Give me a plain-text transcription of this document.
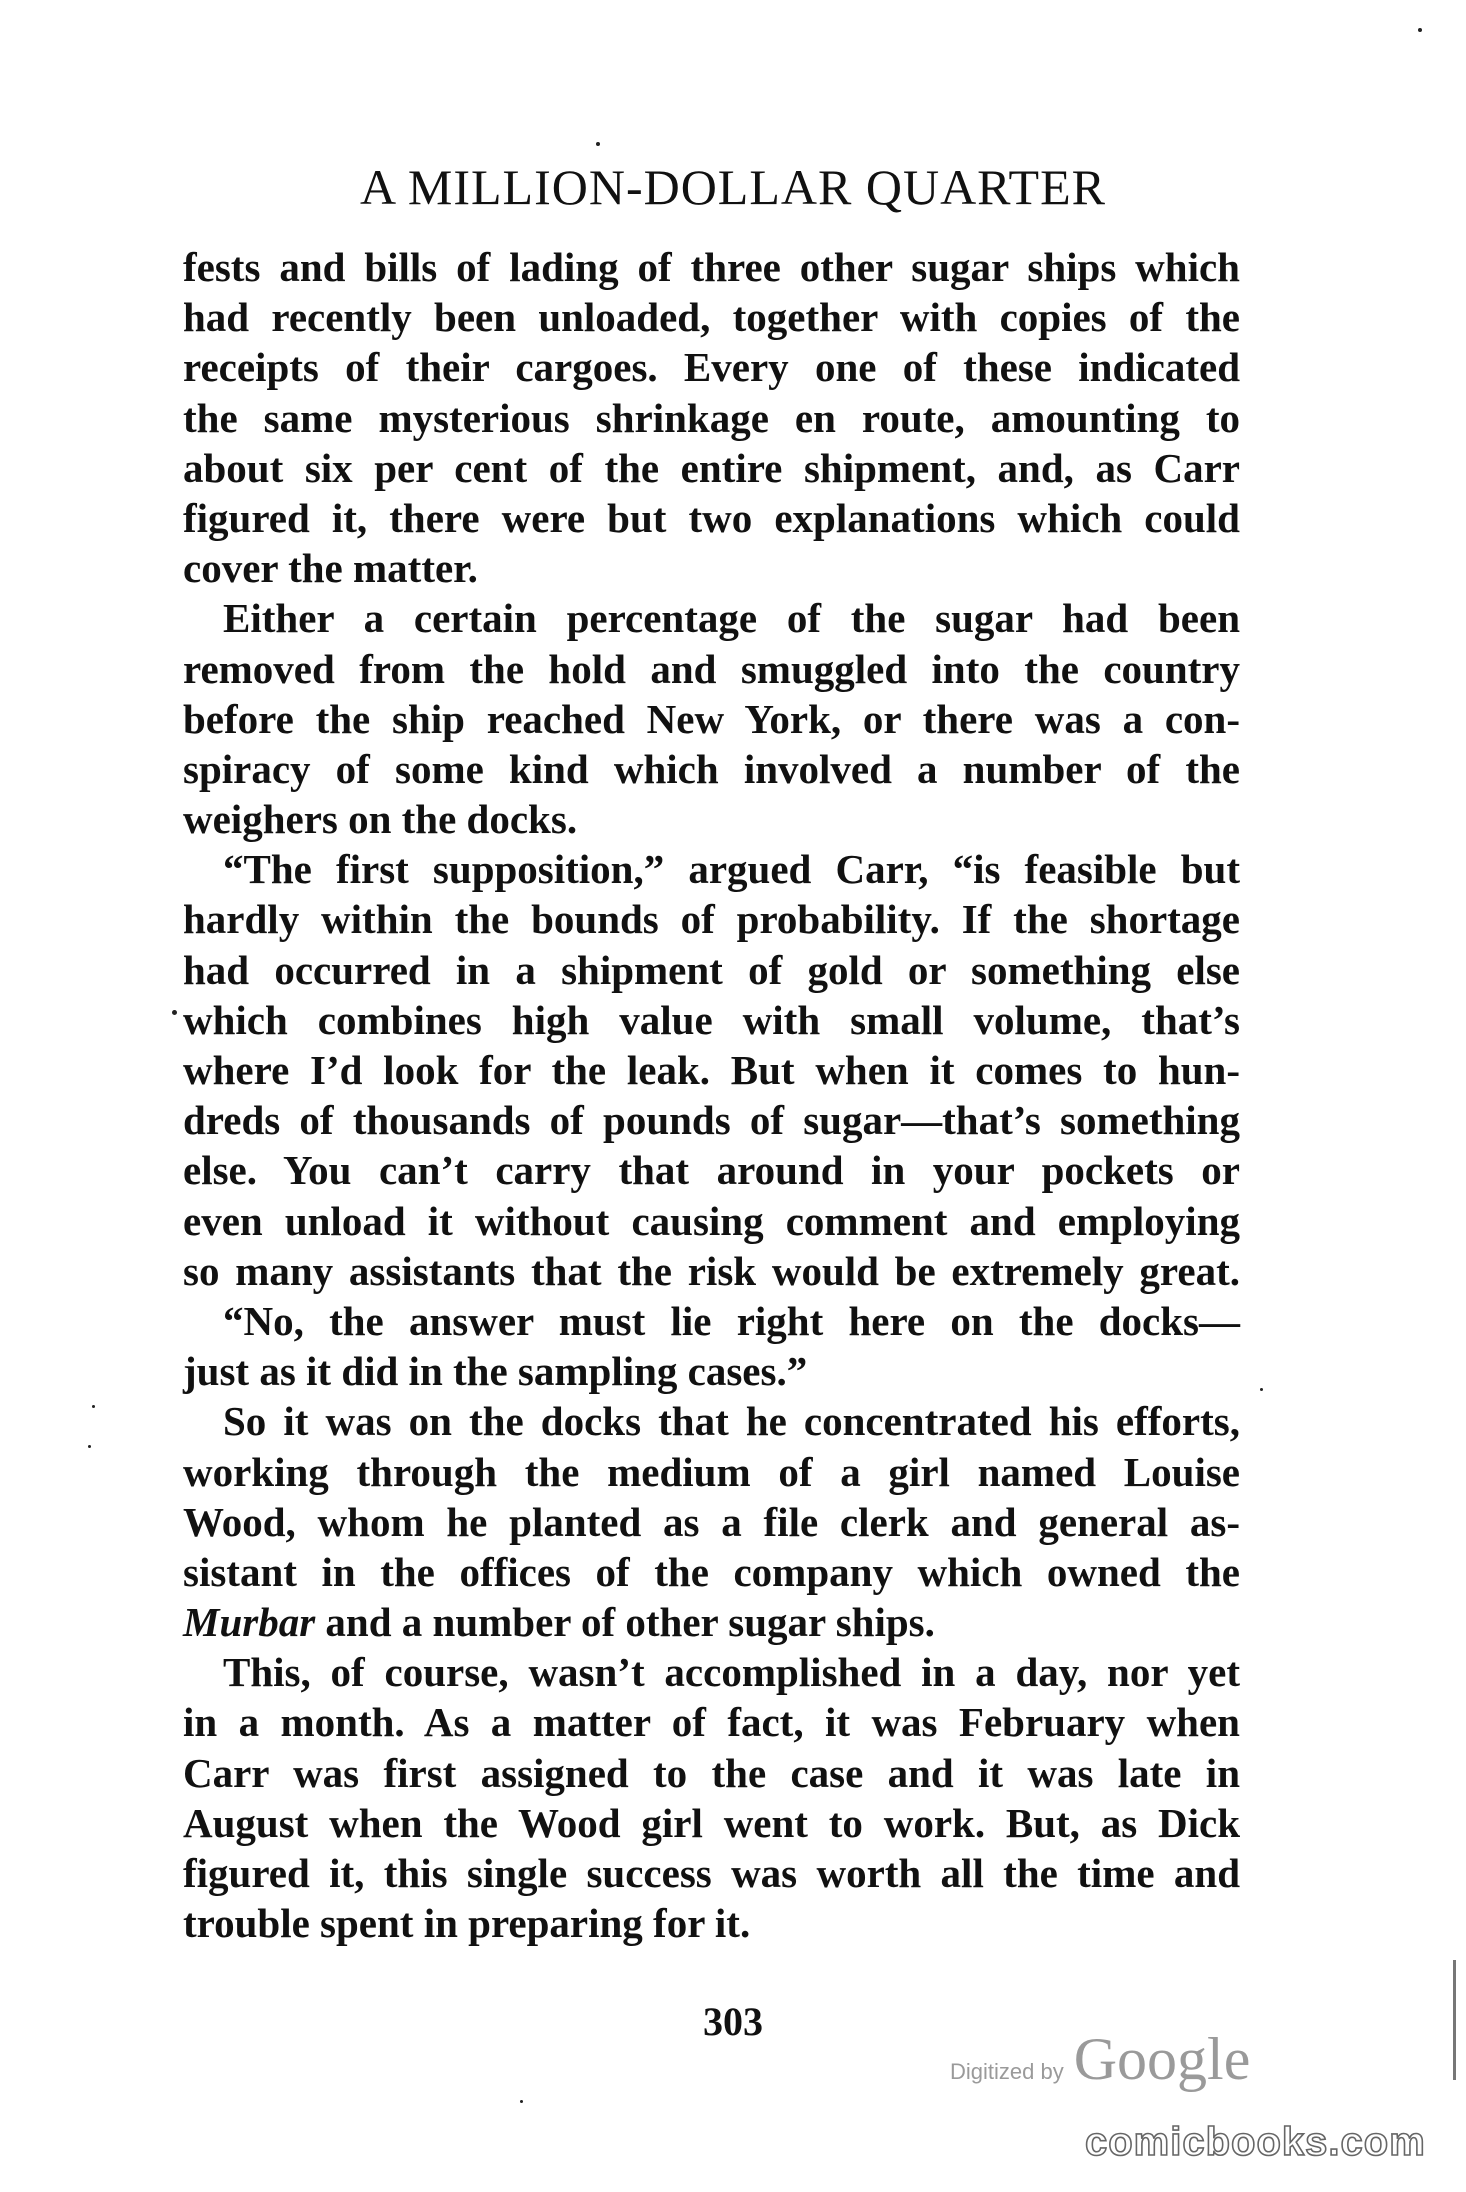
A MILLION-DOLLAR QUARTER
fests and bills of lading of three other sugar ships which
had recently been unloaded, together with copies of the
receipts of their cargoes. Every one of these indicated
the same mysterious shrinkage en route, amounting to
about six per cent of the entire shipment, and, as Carr
figured it, there were but two explanations which could
cover the matter.
Either a certain percentage of the sugar had been
removed from the hold and smuggled into the country
before the ship reached New York, or there was a con-
spiracy of some kind which involved a number of the
weighers on the docks.
“The first supposition,” argued Carr, “is feasible but
hardly within the bounds of probability. If the shortage
had occurred in a shipment of gold or something else
which combines high value with small volume, that’s
where I’d look for the leak. But when it comes to hun-
dreds of thousands of pounds of sugar—that’s something
else. You can’t carry that around in your pockets or
even unload it without causing comment and employing
so many assistants that the risk would be extremely great.
“No, the answer must lie right here on the docks—
just as it did in the sampling cases.”
So it was on the docks that he concentrated his efforts,
working through the medium of a girl named Louise
Wood, whom he planted as a file clerk and general as-
sistant in the offices of the company which owned the
Murbar and a number of other sugar ships.
This, of course, wasn’t accomplished in a day, nor yet
in a month. As a matter of fact, it was February when
Carr was first assigned to the case and it was late in
August when the Wood girl went to work. But, as Dick
figured it, this single success was worth all the time and
trouble spent in preparing for it.
303
Digitized by Google
comicbooks.com
